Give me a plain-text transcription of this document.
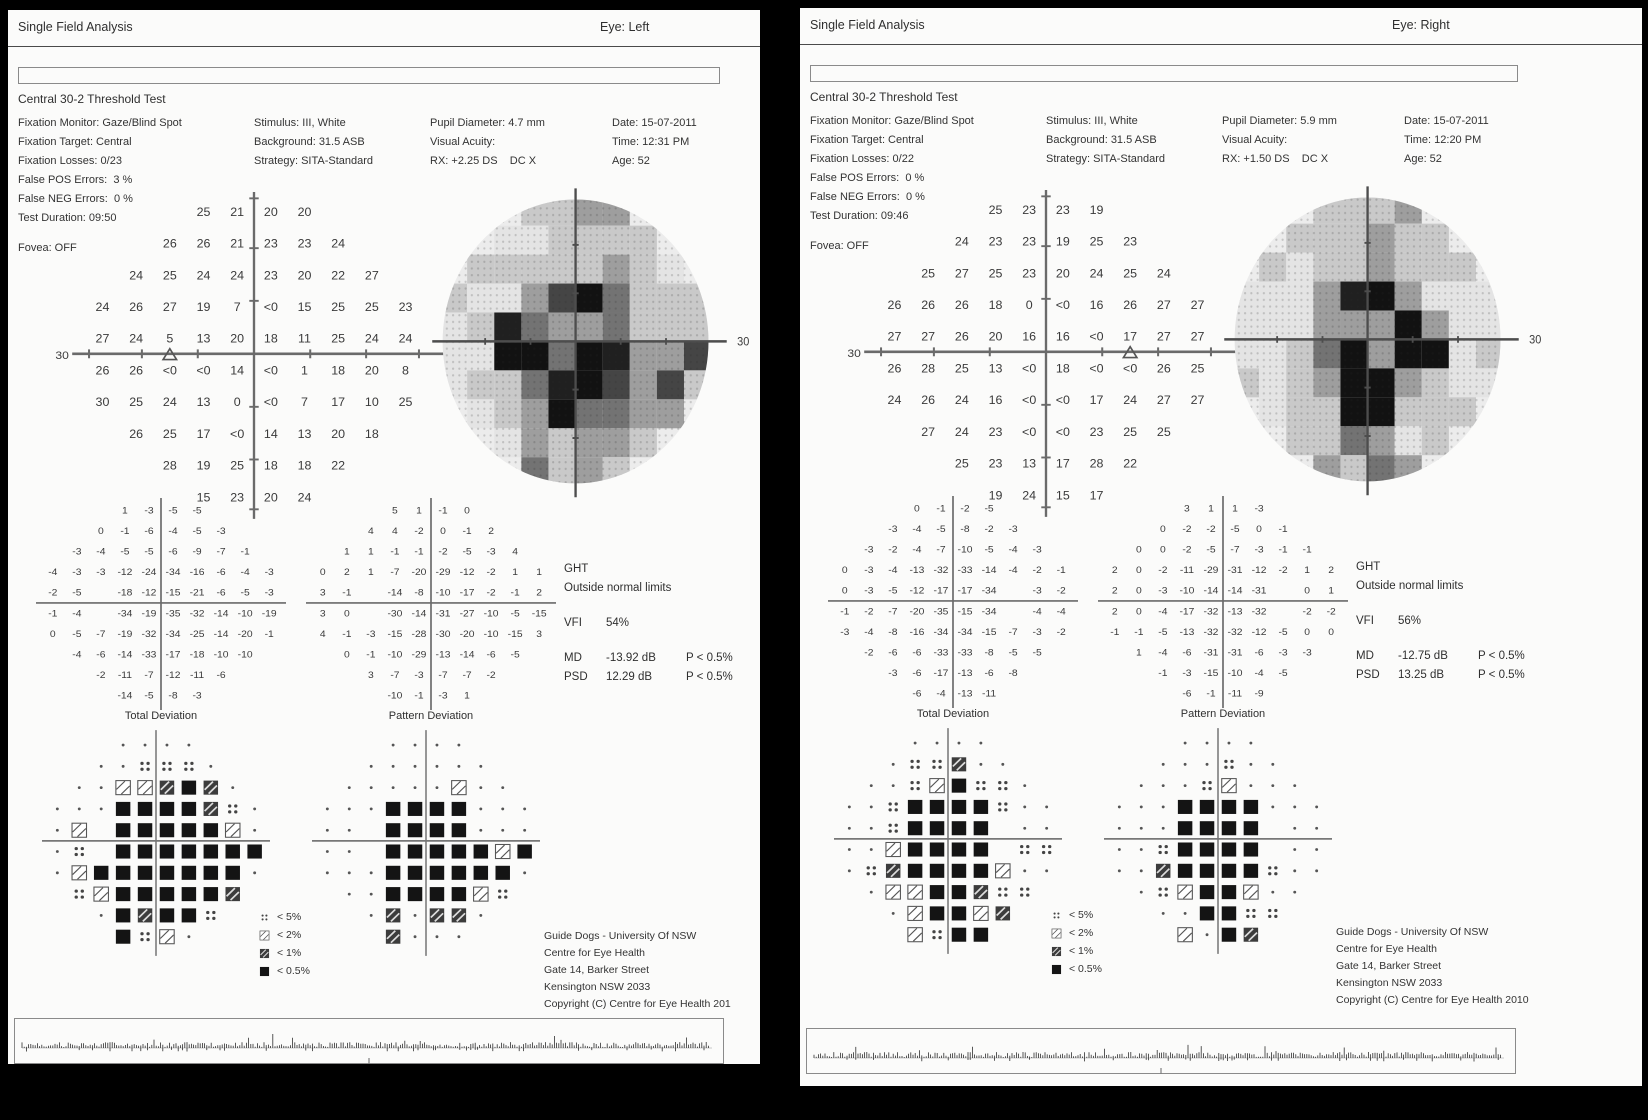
Single Field Analysis	Eye: Left
Central 30-2 Threshold Test
Fixation Monitor: Gaze/Blind Spot
Fixation Target: Central
Fixation Losses: 0/23
False POS Errors:  3 %
False NEG Errors:  0 %
Test Duration: 09:50
Fovea: OFF
Stimulus: III, White
Background: 31.5 ASB
Strategy: SITA-Standard
Pupil Diameter: 4.7 mm
Visual Acuity:
RX: +2.25 DS    DC X
Date: 15-07-2011
Time: 12:31 PM
Age: 52
30
25	21	20	20
26	26	21	23	23	24
24	25	24	24	23	20	22	27
24	26	27	19	7	<0	15	25	25	23
27	24	5	13	20	18	11	25	24	24
26	26	<0	<0	14	<0	1	18	20	8
30	25	24	13	0	<0	7	17	10	25
26	25	17	<0	14	13	20	18
28	19	25	18	18	22
15	23	20	24
30
1	-3	-5	-5
0	-1	-6	-4	-5	-3
-3	-4	-5	-5	-6	-9	-7	-1
-4	-3	-3	-12 -24 -34 -16	-6	-4	-3
-2	-5	-18 -12 -15 -21	-6	-5	-3
-1	-4	-34 -19 -35 -32 -14 -10 -19
0	-5	-7	-19 -32 -34 -25 -14 -20	-1
-4	-6	-14 -33 -17 -18 -10 -10
-2	-11	-7	-12 -11	-6
-14	-5	-8	-3
5	1	-1	0
4	4	-2	0	-1	2
1	1	-1	-1	-2	-5	-3	4
0	2	1	-7	-20 -29 -12	-2	1	1
3	-1	-14	-8	-10 -17	-2	-1	2
3	0	-30 -14 -31 -27 -10	-5	-15
4	-1	-3	-15 -28 -30 -20 -10 -15	3
0	-1	-10 -29 -13 -14	-6	-5
3	-7	-3	-7	-7	-2
-10	-1	-3	1
Total Deviation	Pattern Deviation
GHT
Outside normal limits
VFI 54%
MD -13.92 dB	P < 0.5%
PSD 12.29 dB	P < 0.5%
< 5%
< 2%
< 1%
< 0.5%
Guide Dogs - University Of NSW
Centre for Eye Health
Gate 14, Barker Street
Kensington NSW 2033
Copyright (C) Centre for Eye Health 201
Single Field Analysis	Eye: Right
Central 30-2 Threshold Test
Fixation Monitor: Gaze/Blind Spot
Fixation Target: Central
Fixation Losses: 0/22
False POS Errors:  0 %
False NEG Errors:  0 %
Test Duration: 09:46
Fovea: OFF
Stimulus: III, White
Background: 31.5 ASB
Strategy: SITA-Standard
Pupil Diameter: 5.9 mm
Visual Acuity:
RX: +1.50 DS    DC X
Date: 15-07-2011
Time: 12:20 PM
Age: 52
30
25	23	23	19
24	23	23	19	25	23
25	27	25	23	20	24	25	24
26	26	26	18	0	<0	16	26	27	27
27	27	26	20	16	16	<0	17	27	27
26	28	25	13	<0	18	<0	<0	26	25
24	26	24	16	<0	<0	17	24	27	27
27	24	23	<0	<0	23	25	25
25	23	13	17	28	22
19	24	15	17
30
0	-1	-2	-5
-3	-4	-5	-8	-2	-3
-3	-2	-4	-7	-10	-5	-4	-3
0	-3	-4	-13 -32 -33 -14	-4	-2	-1
0	-3	-5	-12 -17 -17 -34	-3	-2
-1	-2	-7	-20 -35 -15 -34	-4	-4
-3	-4	-8	-16 -34 -34 -15	-7	-3	-2
-2	-6	-6	-33 -33	-8	-5	-5
-3	-6	-17 -13	-6	-8
-6	-4	-13 -11
3	1	1	-3
0	-2	-2	-5	0	-1
0	0	-2	-5	-7	-3	-1	-1
2	0	-2	-11 -29 -31 -12	-2	1	2
2	0	-3	-10 -14 -14 -31	0	1
2	0	-4	-17 -32 -13 -32	-2	-2
-1	-1	-5	-13 -32 -32 -12	-5	0	0
1	-4	-6	-31 -31	-6	-3	-3
-1	-3	-15 -10	-4	-5
-6	-1	-11	-9
Total Deviation	Pattern Deviation
GHT
Outside normal limits
VFI 56%
MD -12.75 dB	P < 0.5%
PSD 13.25 dB	P < 0.5%
< 5%
< 2%
< 1%
< 0.5%
Guide Dogs - University Of NSW
Centre for Eye Health
Gate 14, Barker Street
Kensington NSW 2033
Copyright (C) Centre for Eye Health 2010
